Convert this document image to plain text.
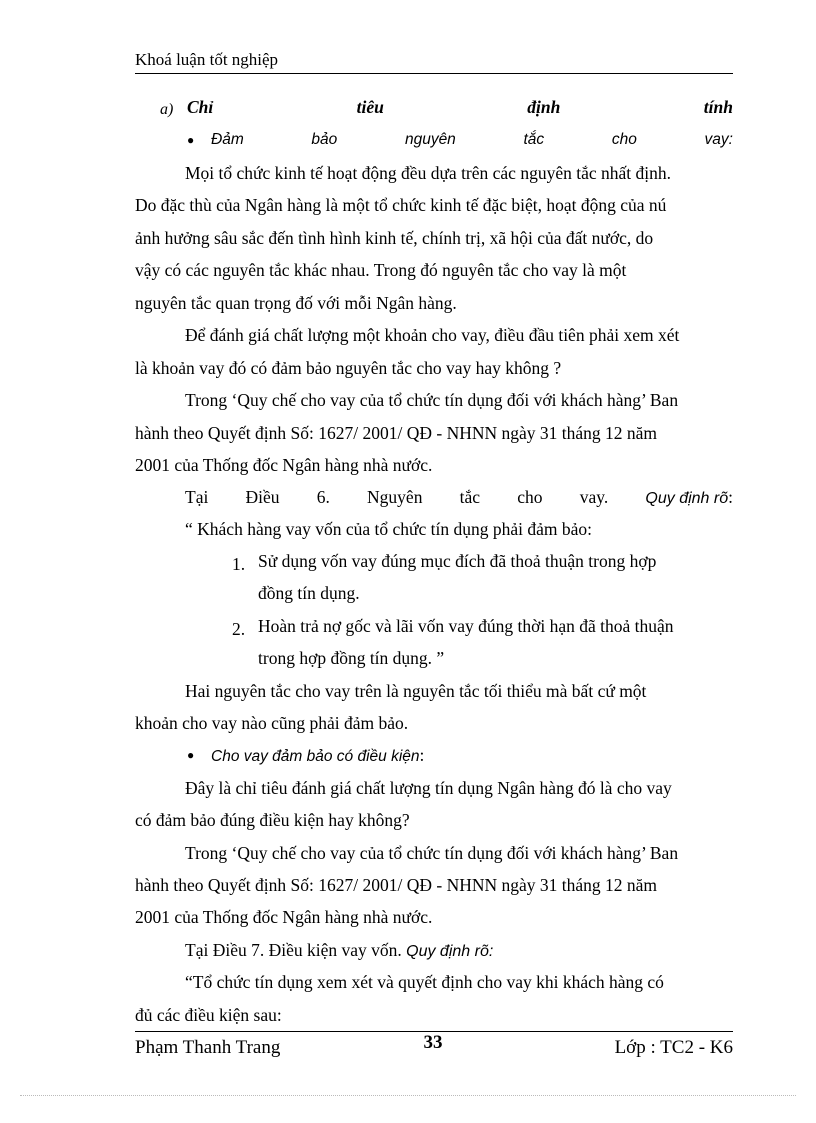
Khoá luận tốt nghiệp
a) Chỉ	tiêu	định	tính
● Đảm	bảo	nguyên	tắc	cho	vay:
Mọi tổ chức kinh tế hoạt động đều dựa trên các nguyên tắc nhất định.
Do đặc thù của Ngân hàng là một tổ chức kinh tế đặc biệt, hoạt động của nú
ảnh hưởng sâu sắc đến tình hình kinh tế, chính trị, xã hội của đất nước, do
vậy có các nguyên tắc khác nhau. Trong đó nguyên tắc cho vay là một
nguyên tắc quan trọng đố với mỗi Ngân hàng.
Để đánh giá chất lượng một khoản cho vay, điều đầu tiên phải xem xét
là khoản vay đó có đảm bảo nguyên tắc cho vay hay không ?
Trong ‘Quy chế cho vay của tổ chức tín dụng đối với khách hàng’ Ban
hành theo Quyết định Số: 1627/ 2001/ QĐ - NHNN ngày 31 tháng 12 năm
2001 của Thống đốc Ngân hàng nhà nước.
Tại Điều 6. Nguyên tắc cho vay. Quy định rõ:
“ Khách hàng vay vốn của tổ chức tín dụng phải đảm bảo:
1. Sử dụng vốn vay đúng mục đích đã thoả thuận trong hợp
đồng tín dụng.
2. Hoàn trả nợ gốc và lãi vốn vay đúng thời hạn đã thoả thuận
trong hợp đồng tín dụng. ”
Hai nguyên tắc cho vay trên là nguyên tắc tối thiểu mà bất cứ một
khoản cho vay nào cũng phải đảm bảo.
● Cho vay đảm bảo có điều kiện:
Đây là chỉ tiêu đánh giá chất lượng tín dụng Ngân hàng đó là cho vay
có đảm bảo đúng điều kiện hay không?
Trong ‘Quy chế cho vay của tổ chức tín dụng đối với khách hàng’ Ban
hành theo Quyết định Số: 1627/ 2001/ QĐ - NHNN ngày 31 tháng 12 năm
2001 của Thống đốc Ngân hàng nhà nước.
Tại Điều 7. Điều kiện vay vốn. Quy định rõ:
“Tổ chức tín dụng xem xét và quyết định cho vay khi khách hàng có
đủ các điều kiện sau:
Phạm Thanh Trang	33	Lớp : TC2 - K6
